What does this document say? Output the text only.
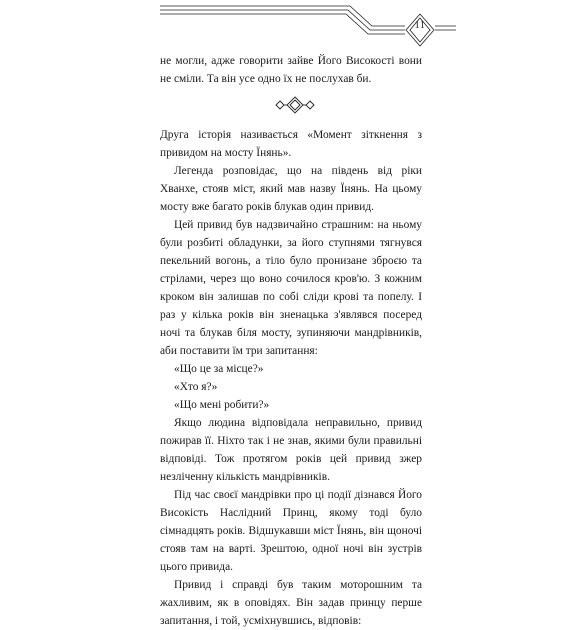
11

не могли, адже говорити зайве Його Високості вони не сміли. Та він усе одно їх не послухав би.

Друга історія називається «Момент зіткнення з привидом на мосту Їнянь».

Легенда розповідає, що на південь від ріки Хванхе, стояв міст, який мав назву Їнянь. На цьому мосту вже багато років блукав один привид.

Цей привид був надзвичайно страшним: на ньому були розбиті обладунки, за його ступнями тягнувся пекельний вогонь, а тіло було пронизане зброєю та стрілами, через що воно сочилося кров'ю. З кожним кроком він залишав по собі сліди крові та попелу. І раз у кілька років він зненацька з'являвся посеред ночі та блукав біля мосту, зупиняючи мандрівників, аби поставити їм три запитання:

«Що це за місце?»

«Хто я?»

«Що мені робити?»

Якщо людина відповідала неправильно, привид пожирав її. Ніхто так і не знав, якими були правильні відповіді. Тож протягом років цей привид зжер незліченну кількість мандрівників.

Під час своєї мандрівки про ці події дізнався Його Високість Наслідний Принц, якому тоді було сімнадцять років. Відшукавши міст Їнянь, він щоночі стояв там на варті. Зрештою, одної ночі він зустрів цього привида.

Привид і справді був таким моторошним та жахливим, як в оповідях. Він задав принцу перше запитання, і той, усміхнувшись, відповів:
